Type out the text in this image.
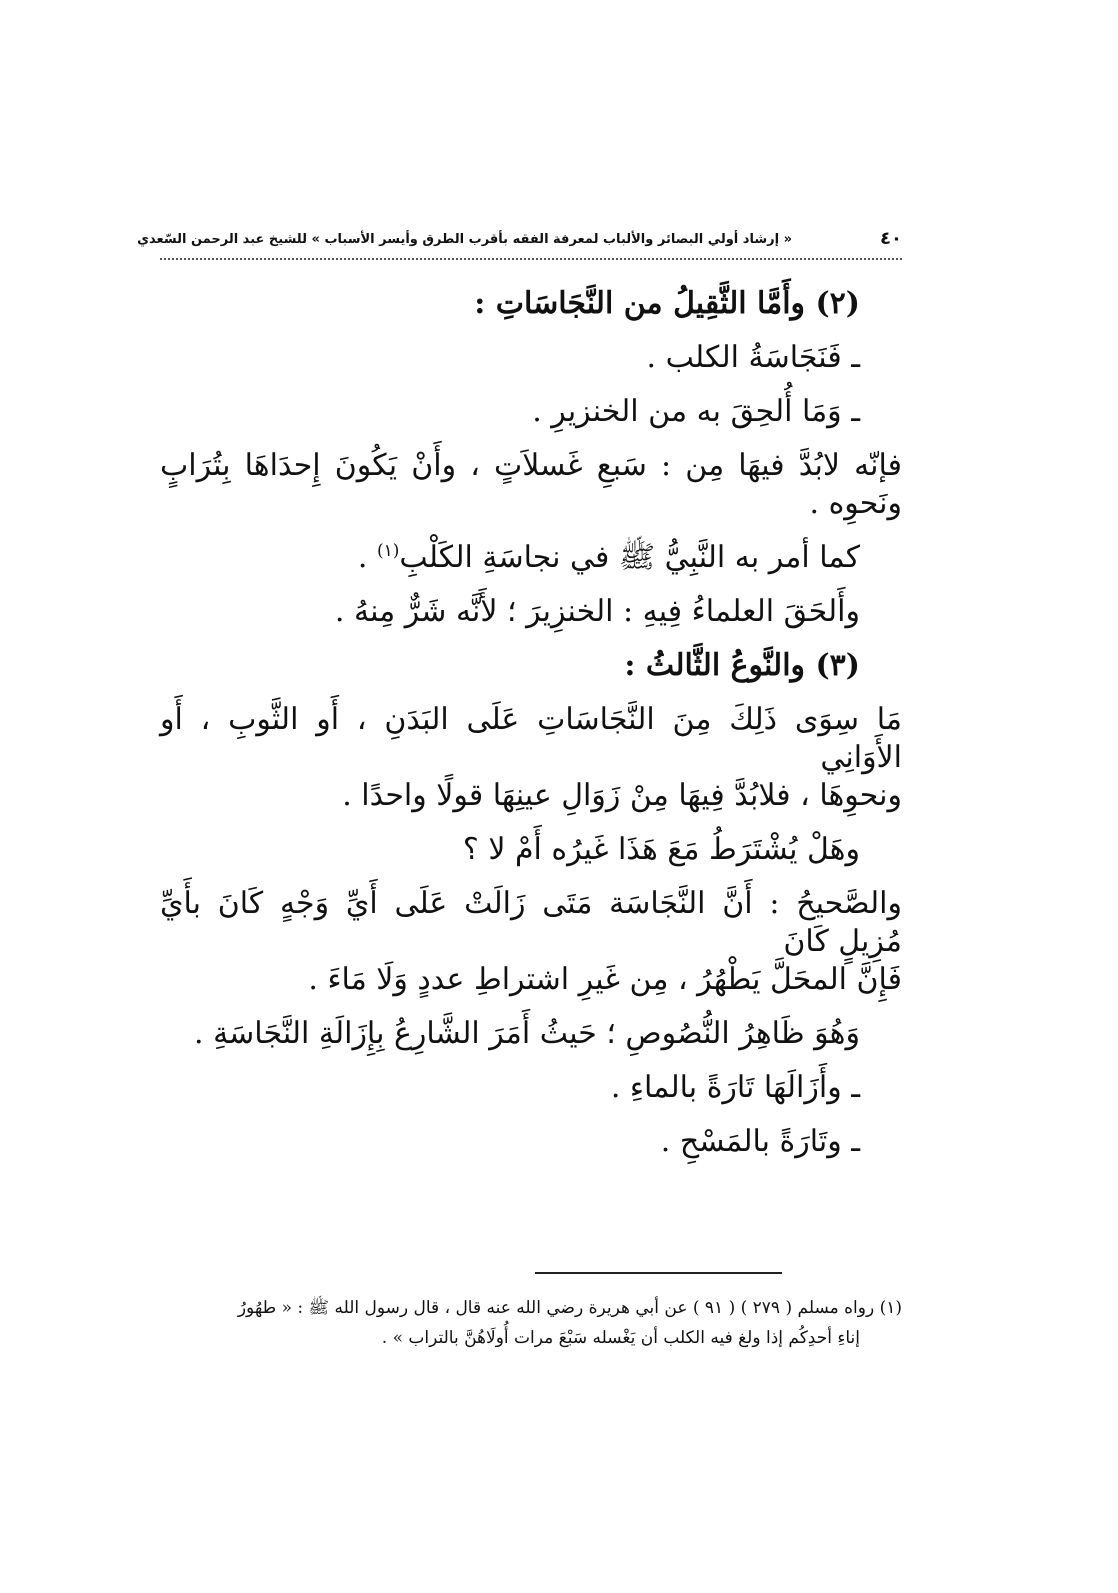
٤٠
« إرشاد أولي البصائر والألباب لمعرفة الفقه بأقرب الطرق وأيسر الأسباب » للشيخ عبد الرحمن السّعدي
(٢) وأَمَّا الثَّقِيلُ من النَّجَاسَاتِ :
ـ فَنَجَاسَةُ الكلب .
ـ وَمَا أُلحِقَ به من الخنزيرِ .
فإنّه لابُدَّ فيهَا مِن : سَبعِ غَسلاَتٍ ، وأَنْ يَكُونَ إِحدَاهَا بِتُرَابٍ ونَحوِه .
كما أمر به النَّبِيُّ ﷺ في نجاسَةِ الكَلْبِ$^{(١)}$ .
وأَلحَقَ العلماءُ فِيهِ : الخنزِيرَ ؛ لأَنَّه شَرٌّ مِنهُ .
(٣) والنَّوعُ الثَّالثُ :
مَا سِوَى ذَلِكَ مِنَ النَّجَاسَاتِ عَلَى البَدَنِ ، أَو الثَّوبِ ، أَو الأَوَانِي
ونحوِهَا ، فلابُدَّ فِيهَا مِنْ زَوَالِ عينِهَا قولًا واحدًا .
وهَلْ يُشْتَرَطُ مَعَ هَذَا غَيرُه أَمْ لا ؟
والصَّحيحُ : أَنَّ النَّجَاسَة مَتَى زَالَتْ عَلَى أَيِّ وَجْهٍ كَانَ بأَيِّ مُزِيلٍ كَانَ
فَإِنَّ المحَلَّ يَطْهُرُ ، مِن غَيرِ اشتراطِ عددٍ وَلَا مَاءَ .
وَهُوَ ظَاهِرُ النُّصُوصِ ؛ حَيثُ أَمَرَ الشَّارِعُ بِإِزَالَةِ النَّجَاسَةِ .
ـ وأَزَالَهَا تَارَةً بالماءِ .
ـ وتَارَةً بالمَسْحِ .
(١) رواه مسلم ( ٢٧٩ ) ( ٩١ ) عن أبي هريرة رضي الله عنه قال ، قال رسول الله ﷺ : « طهُورُ
إناءِ أحدِكُم إذا ولغ فيه الكلب أن يَغْسله سَبْعَ مرات أُولَاهُنَّ بالتراب » .
